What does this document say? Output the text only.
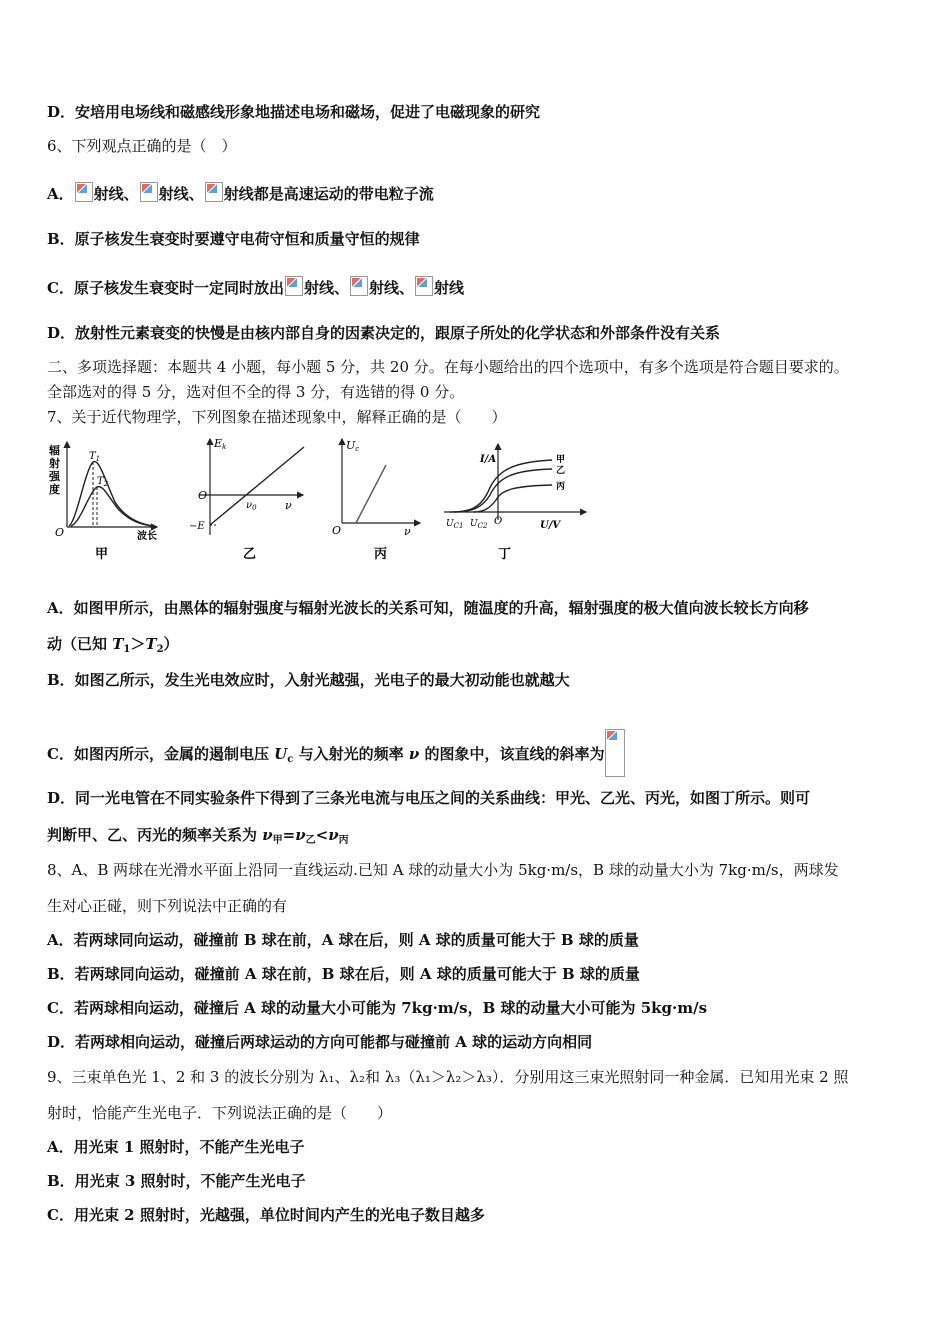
D．安培用电场线和磁感线形象地描述电场和磁场，促进了电磁现象的研究
6、下列观点正确的是（　）
A． 射线、 射线、 射线都是高速运动的带电粒子流
B．原子核发生衰变时要遵守电荷守恒和质量守恒的规律
C．原子核发生衰变时一定同时放出 射线、 射线、 射线
D．放射性元素衰变的快慢是由核内部自身的因素决定的，跟原子所处的化学状态和外部条件没有关系
二、多项选择题：本题共 4 小题，每小题 5 分，共 20 分。在每小题给出的四个选项中，有多个选项是符合题目要求的。
全部选对的得 5 分，选对但不全的得 3 分，有选错的得 0 分。
7、关于近代物理学，下列图象在描述现象中，解释正确的是（　　）
辐
射
强
度
$T_1$
$T_2$
O	波长
甲
Ek
O
−E
$\nu_0$	ν
乙
Uc
O	ν
丙
I/A	甲
乙
丙
$U_{C1}$ $U_{C2}$ O	U/V
丁
A．如图甲所示，由黑体的辐射强度与辐射光波长的关系可知，随温度的升高，辐射强度的极大值向波长较长方向移
动（已知 $T_1>T_2$）
B．如图乙所示，发生光电效应时，入射光越强，光电子的最大初动能也就越大
C．如图丙所示，金属的遏制电压 $U_c$ 与入射光的频率 ν 的图象中，该直线的斜率为
D．同一光电管在不同实验条件下得到了三条光电流与电压之间的关系曲线：甲光、乙光、丙光，如图丁所示。则可
判断甲、乙、丙光的频率关系为 $\nu_甲=\nu_乙<\nu_丙$
8、A、B 两球在光滑水平面上沿同一直线运动.已知 A 球的动量大小为 5kg·m/s，B 球的动量大小为 7kg·m/s，两球发
生对心正碰，则下列说法中正确的有
A．若两球同向运动，碰撞前 B 球在前，A 球在后，则 A 球的质量可能大于 B 球的质量
B．若两球同向运动，碰撞前 A 球在前，B 球在后，则 A 球的质量可能大于 B 球的质量
C．若两球相向运动，碰撞后 A 球的动量大小可能为 7kg·m/s，B 球的动量大小可能为 5kg·m/s
D．若两球相向运动，碰撞后两球运动的方向可能都与碰撞前 A 球的运动方向相同
9、三束单色光 1、2 和 3 的波长分别为 λ₁、λ₂和 λ₃（λ₁＞λ₂＞λ₃）．分别用这三束光照射同一种金属．已知用光束 2 照
射时，恰能产生光电子．下列说法正确的是（　　）
A．用光束 1 照射时，不能产生光电子
B．用光束 3 照射时，不能产生光电子
C．用光束 2 照射时，光越强，单位时间内产生的光电子数目越多
